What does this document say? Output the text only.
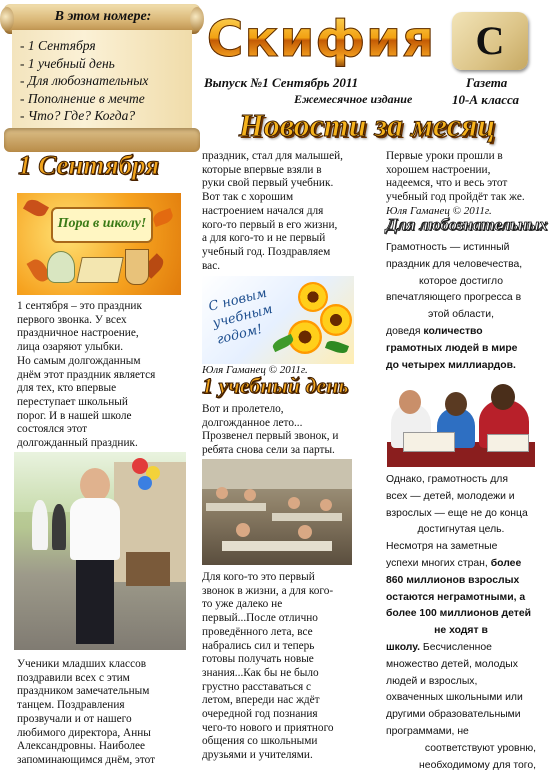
В этом номере:
- 1 Сентября
- 1 учебный день
- Для любознательных
- Пополнение в мечте
- Что? Где? Когда?
Скифия	С
Выпуск №1 Сентябрь 2011	Газета
Ежемесячное издание	10-А класса
Новости за месяц
1 Сентября
Пора в школу!

1 сентября – это праздник

первого звонка. У всех

праздничное настроение,

лица озаряют улыбки.

Но самым долгожданным

днём этот праздник является

для тех, кто впервые

переступает школьный

порог. И в нашей школе

состоялся этот

долгожданный праздник.

Ученики младших классов

поздравили всех с этим

праздником замечательным

танцем. Поздравления

прозвучали и от нашего

любимого директора, Анны

Александровны. Наиболее

запоминающимся днём, этот

праздник, стал для малышей,

которые впервые взяли в

руки свой первый учебник.

Вот так с хорошим

настроением начался для

кого-то первый в его жизни,

а для кого-то и не первый

учебный год. Поздравляем

вас.

С новым учебным годом!
Юля Гаманец © 2011г.
1 учебный день

Вот и пролетело,

долгожданное лето...

Прозвенел первый звонок, и

ребята снова сели за парты.

Для кого-то это первый

звонок в жизни, а для кого-

то уже далеко не

первый...После отлично

проведённого лета, все

набрались сил и теперь

готовы получать новые

знания...Как бы не было

грустно расставаться с

летом, впереди нас ждёт

очередной год познания

чего-то нового и приятного

общения со школьными

друзьями и учителями.

Первые уроки прошли в

хорошем настроении,

надеемся, что и весь этот

учебный год пройдёт так же.

Юля Гаманец © 2011г.
Для любознательных

Грамотность — истинный

праздник для человечества,

которое достигло

впечатляющего прогресса в

этой области,

доведя количество

грамотных людей в мире

до четырех миллиардов.

Однако, грамотность для

всех — детей, молодежи и

взрослых — еще не до конца

достигнутая цель.

Несмотря на заметные

успехи многих стран, более

860 миллионов взрослых

остаются неграмотными, а

более 100 миллионов детей

не ходят в

школу. Бесчисленное

множество детей, молодых

людей и взрослых,

охваченных школьными или

другими образовательными

программами, не

соответствуют уровню,

необходимому для того,
